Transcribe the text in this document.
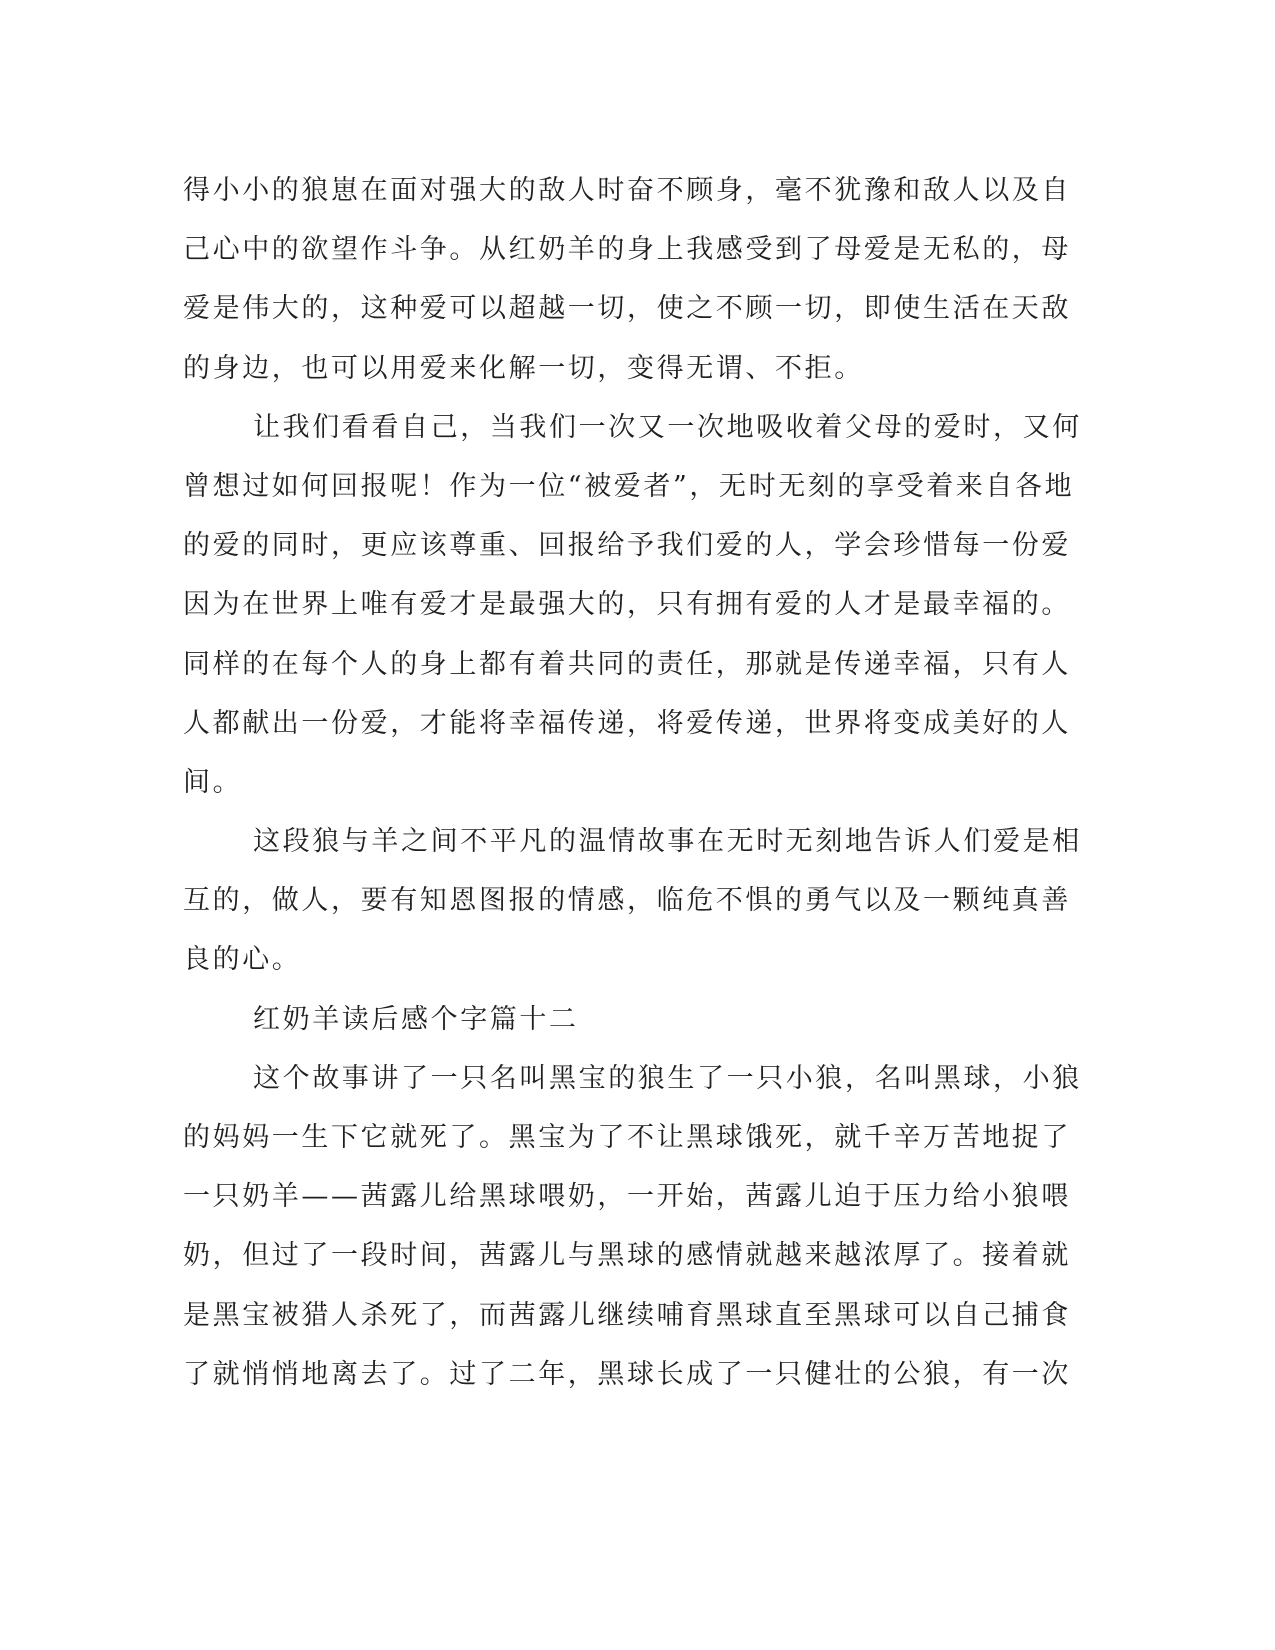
得小小的狼崽在面对强大的敌人时奋不顾身，毫不犹豫和敌人以及自
己心中的欲望作斗争。从红奶羊的身上我感受到了母爱是无私的，母
爱是伟大的，这种爱可以超越一切，使之不顾一切，即使生活在天敌
的身边，也可以用爱来化解一切，变得无谓、不拒。
让我们看看自己，当我们一次又一次地吸收着父母的爱时，又何
曾想过如何回报呢！作为一位“被爱者”，无时无刻的享受着来自各地
的爱的同时，更应该尊重、回报给予我们爱的人，学会珍惜每一份爱
因为在世界上唯有爱才是最强大的，只有拥有爱的人才是最幸福的。
同样的在每个人的身上都有着共同的责任，那就是传递幸福，只有人
人都献出一份爱，才能将幸福传递，将爱传递，世界将变成美好的人
间。
这段狼与羊之间不平凡的温情故事在无时无刻地告诉人们爱是相
互的，做人，要有知恩图报的情感，临危不惧的勇气以及一颗纯真善
良的心。
红奶羊读后感个字篇十二
这个故事讲了一只名叫黑宝的狼生了一只小狼，名叫黑球，小狼
的妈妈一生下它就死了。黑宝为了不让黑球饿死，就千辛万苦地捉了
一只奶羊——茜露儿给黑球喂奶，一开始，茜露儿迫于压力给小狼喂
奶，但过了一段时间，茜露儿与黑球的感情就越来越浓厚了。接着就
是黑宝被猎人杀死了，而茜露儿继续哺育黑球直至黑球可以自己捕食
了就悄悄地离去了。过了二年，黑球长成了一只健壮的公狼，有一次
